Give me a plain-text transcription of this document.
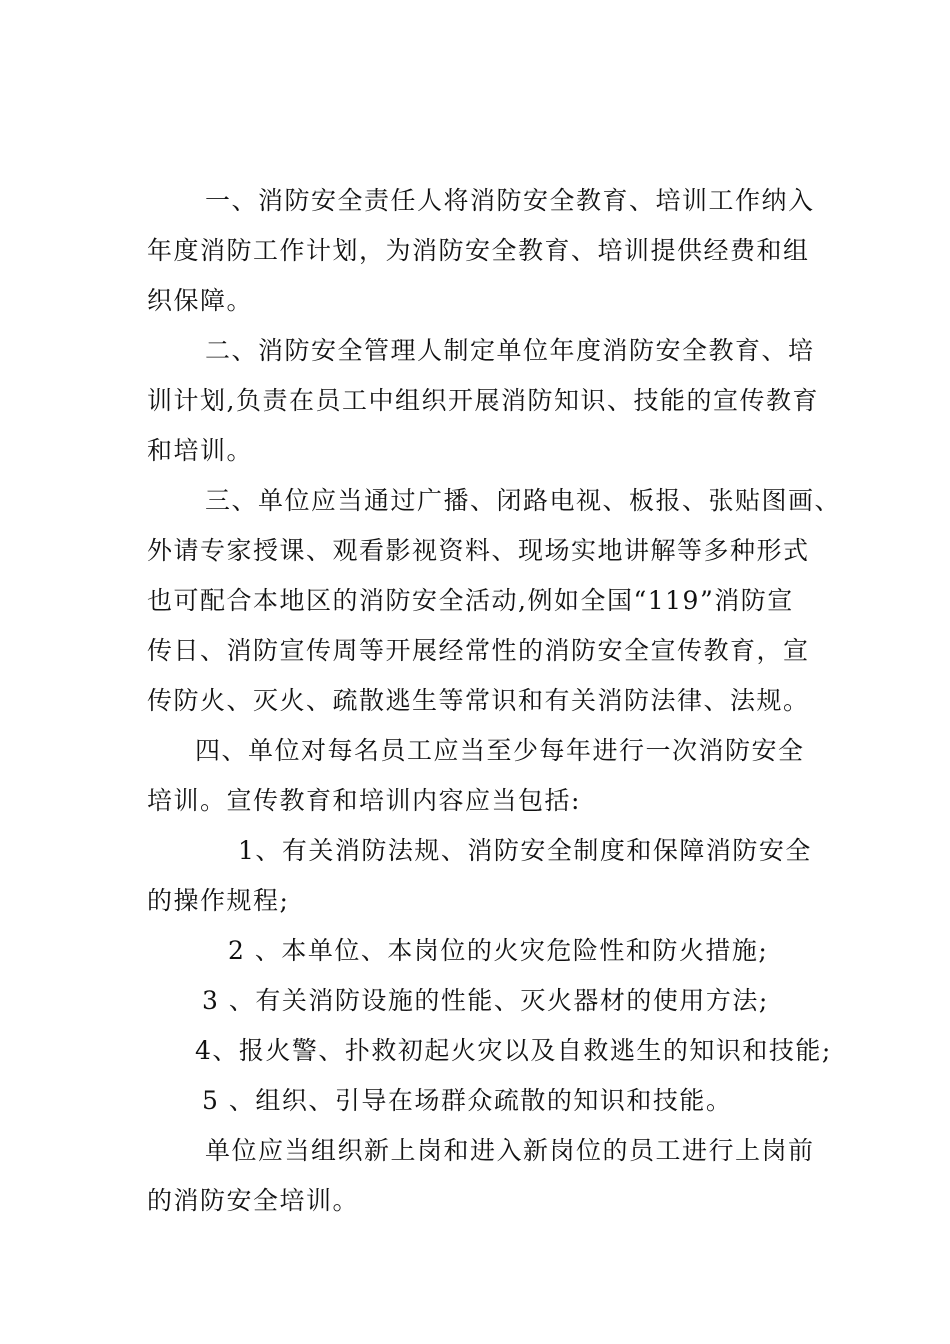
一、消防安全责任人将消防安全教育、培训工作纳入
年度消防工作计划，为消防安全教育、培训提供经费和组
织保障。
二、消防安全管理人制定单位年度消防安全教育、培
训计划,负责在员工中组织开展消防知识、技能的宣传教育
和培训。
三、单位应当通过广播、闭路电视、板报、张贴图画、
外请专家授课、观看影视资料、现场实地讲解等多种形式
也可配合本地区的消防安全活动,例如全国“119”消防宣
传日、消防宣传周等开展经常性的消防安全宣传教育，宣
传防火、灭火、疏散逃生等常识和有关消防法律、法规。
四、单位对每名员工应当至少每年进行一次消防安全
培训。宣传教育和培训内容应当包括:
1、有关消防法规、消防安全制度和保障消防安全
的操作规程;
2 、本单位、本岗位的火灾危险性和防火措施;
3 、有关消防设施的性能、灭火器材的使用方法;
4、报火警、扑救初起火灾以及自救逃生的知识和技能;
5 、组织、引导在场群众疏散的知识和技能。
单位应当组织新上岗和进入新岗位的员工进行上岗前
的消防安全培训。
